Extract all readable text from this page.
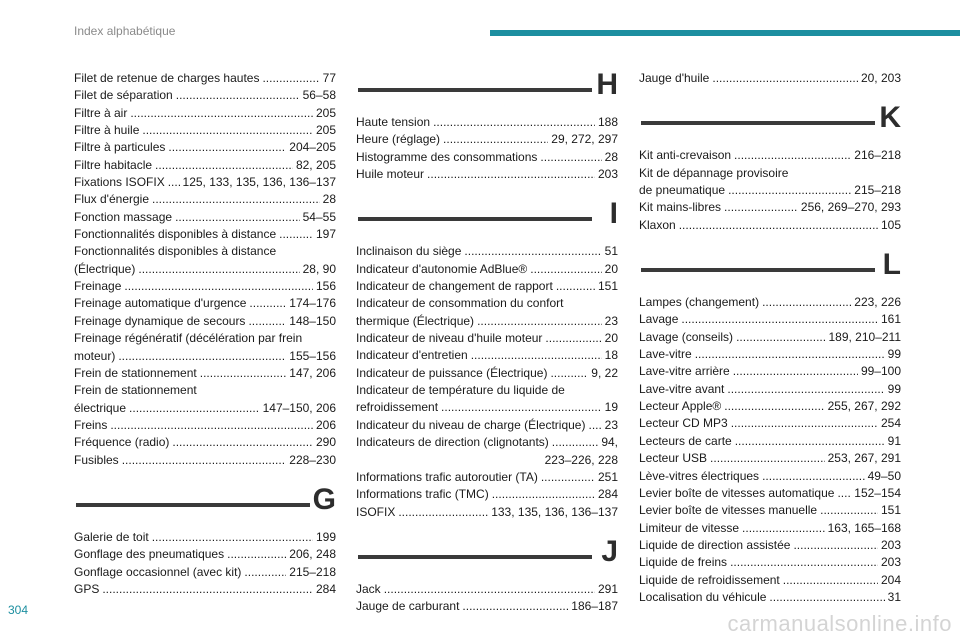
Index alphabétique
Filet de retenue de charges hautes .....	77
Filet de séparation .....	56–58
Filtre à air .....	205
Filtre à huile .....	205
Filtre à particules .....	204–205
Filtre habitacle .....	82, 205
Fixations ISOFIX ..... 125, 133, 135, 136, 136–137
Flux d'énergie .....	28
Fonction massage .....	54–55
Fonctionnalités disponibles à distance .....	197
Fonctionnalités disponibles à distance
(Électrique) .....	28, 90
Freinage .....	156
Freinage automatique d'urgence .....	174–176
Freinage dynamique de secours .....	148–150
Freinage régénératif (décélération par frein
moteur) .....	155–156
Frein de stationnement .....	147, 206
Frein de stationnement
électrique .....	147–150, 206
Freins .....	206
Fréquence (radio) .....	290
Fusibles .....	228–230
G
Galerie de toit .....	199
Gonflage des pneumatiques .....	206, 248
Gonflage occasionnel (avec kit) .....	215–218
GPS .....	284
H
Haute tension .....	188
Heure (réglage) .....	29, 272, 297
Histogramme des consommations .....	28
Huile moteur .....	203
I
Inclinaison du siège .....	51
Indicateur d'autonomie AdBlue® .....	20
Indicateur de changement de rapport .....	151
Indicateur de consommation du confort
thermique (Électrique) .....	23
Indicateur de niveau d'huile moteur .....	20
Indicateur d'entretien .....	18
Indicateur de puissance (Électrique) .....	9, 22
Indicateur de température du liquide de
refroidissement .....	19
Indicateur du niveau de charge (Électrique) ..... 23
Indicateurs de direction (clignotants) .....	94,
223–226, 228
Informations trafic autoroutier (TA) .....	251
Informations trafic (TMC) .....	284
ISOFIX .....	133, 135, 136, 136–137
J
Jack .....	291
Jauge de carburant .....	186–187
Jauge d'huile .....	20, 203
K
Kit anti-crevaison .....	216–218
Kit de dépannage provisoire
de pneumatique .....	215–218
Kit mains-libres .....	256, 269–270, 293
Klaxon .....	105
L
Lampes (changement) .....	223, 226
Lavage .....	161
Lavage (conseils) .....	189, 210–211
Lave-vitre .....	99
Lave-vitre arrière .....	99–100
Lave-vitre avant .....	99
Lecteur Apple® .....	255, 267, 292
Lecteur CD MP3 .....	254
Lecteurs de carte .....	91
Lecteur USB .....	253, 267, 291
Lève-vitres électriques .....	49–50
Levier boîte de vitesses automatique ..... 152–154
Levier boîte de vitesses manuelle .....	151
Limiteur de vitesse .....	163, 165–168
Liquide de direction assistée .....	203
Liquide de freins .....	203
Liquide de refroidissement .....	204
Localisation du véhicule .....	31
304
carmanualsonline.info
